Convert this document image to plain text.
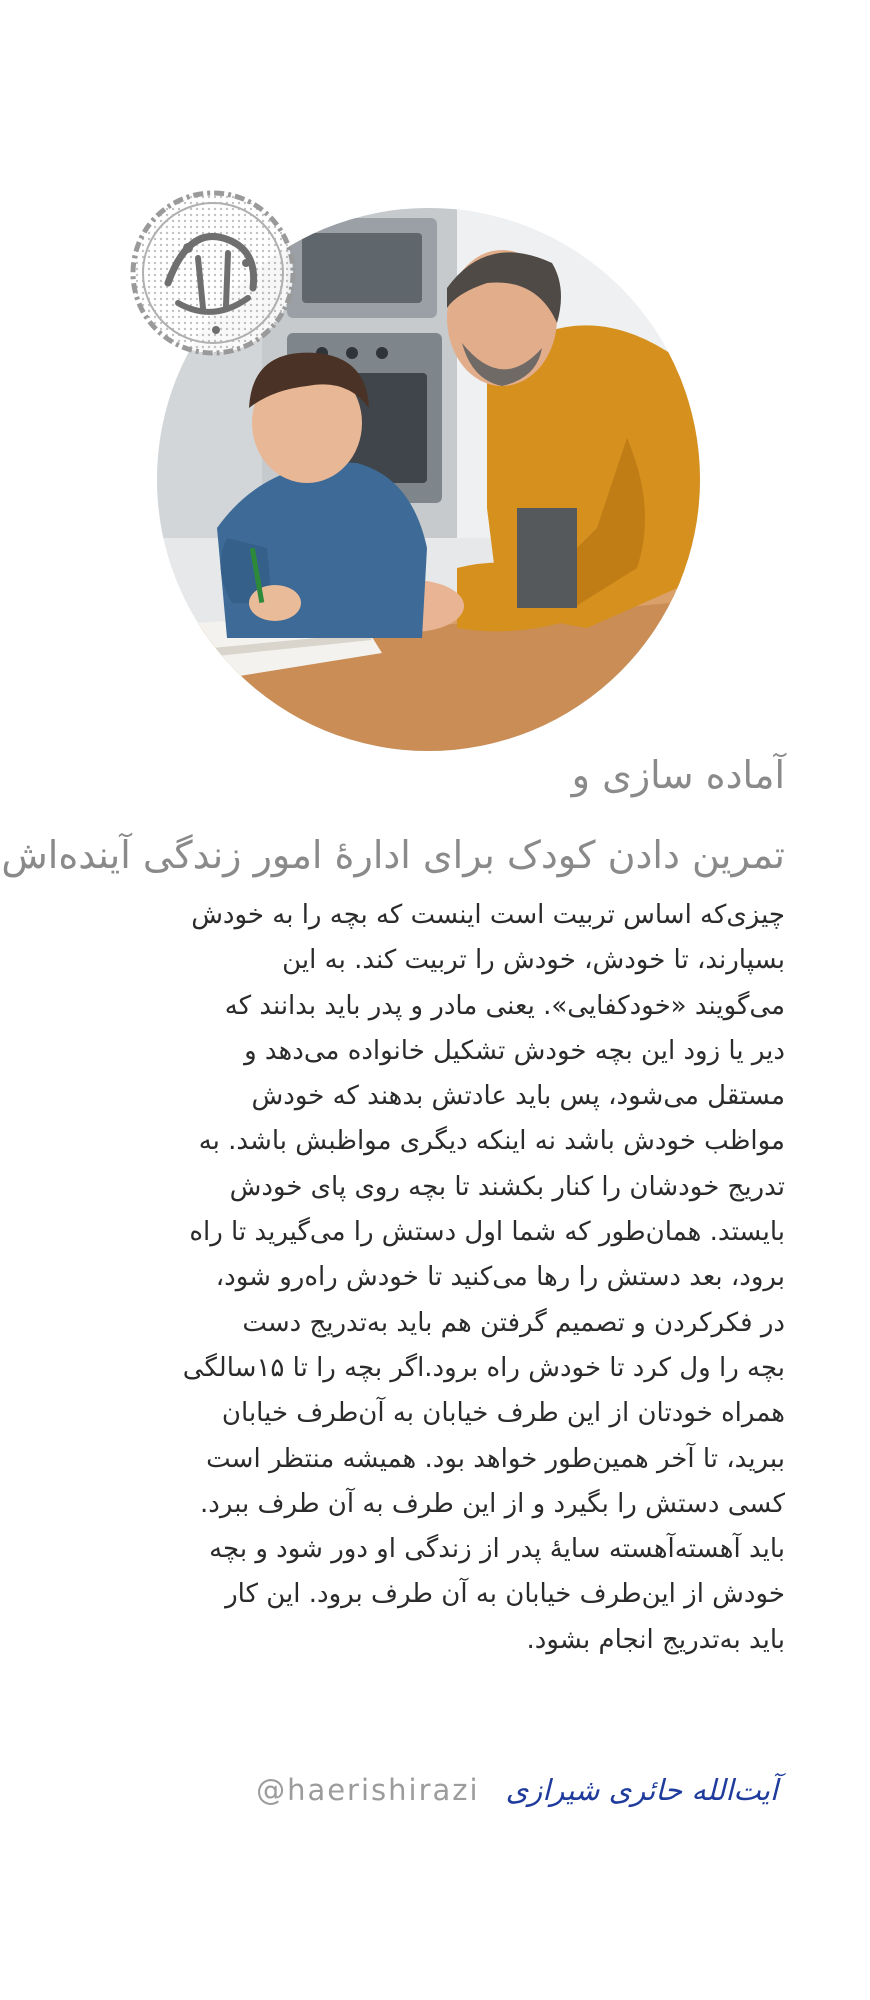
آماده سازی و
تمرین دادن کودک برای ادارهٔ امور زندگی آینده‌اش
چیزی‌که اساس تربیت است اینست که بچه را به خودش
بسپارند، تا خودش، خودش را تربیت کند. به این
می‌گویند «خودکفایی». یعنی مادر و پدر باید بدانند که
دیر یا زود این بچه خودش تشکیل خانواده می‌دهد و
مستقل می‌شود، پس باید عادتش بدهند که خودش
مواظب خودش باشد نه اینکه دیگری مواظبش باشد. به
تدریج خودشان را کنار بکشند تا بچه روی پای خودش
بایستد. همان‌طور که شما اول دستش را می‌گیرید تا راه
برود، بعد دستش را رها می‌کنید تا خودش راه‌رو شود،
در فکرکردن و تصمیم گرفتن هم باید به‌تدریج دست
بچه را ول کرد تا خودش راه برود.اگر بچه را تا ۱۵سالگی
همراه خودتان از این طرف خیابان به آن‌طرف خیابان
ببرید، تا آخر همین‌طور خواهد بود. همیشه منتظر است
کسی دستش را بگیرد و از این طرف به آن طرف ببرد.
باید آهسته‌آهسته سایهٔ پدر از زندگی او دور شود و بچه
خودش از این‌طرف خیابان به آن طرف برود. این کار
باید به‌تدریج انجام بشود.
آیت‌الله حائری شیرازی
@haerishirazi
